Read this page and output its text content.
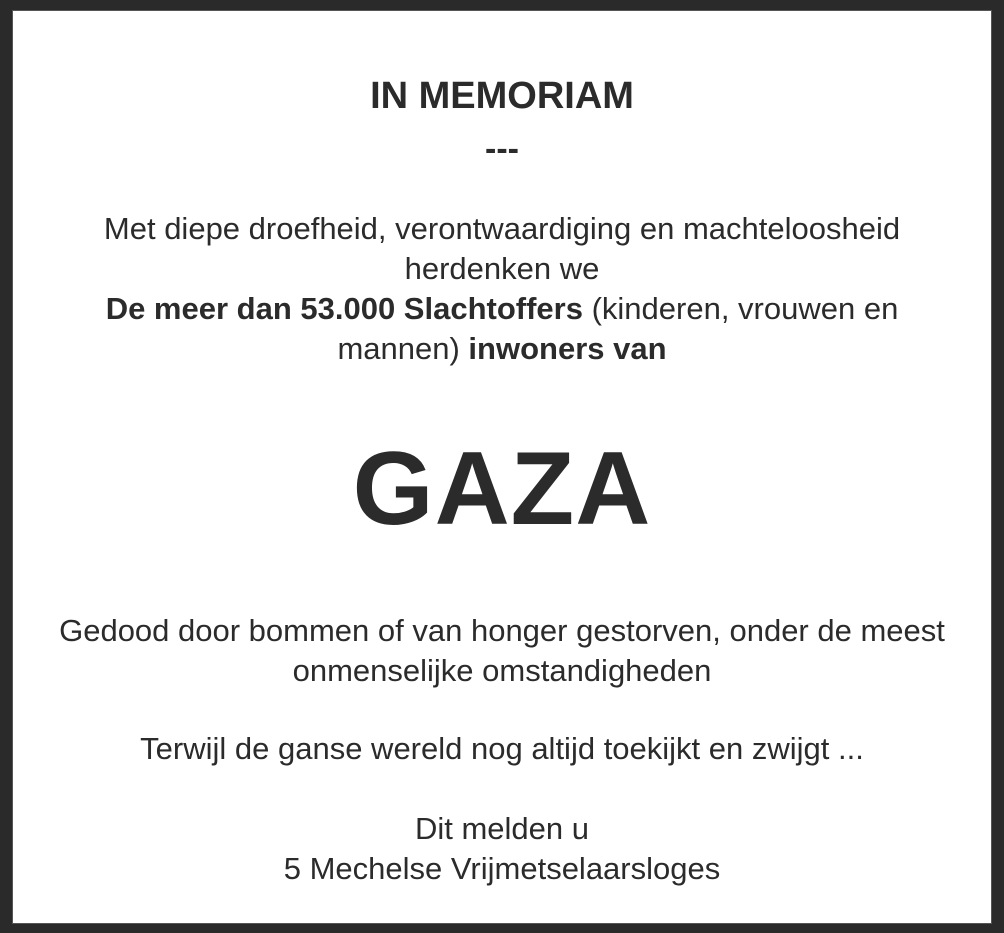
IN MEMORIAM
---
Met diepe droefheid, verontwaardiging en machteloosheid herdenken we
De meer dan 53.000 Slachtoffers (kinderen, vrouwen en mannen) inwoners van
GAZA
Gedood door bommen of van honger gestorven, onder de meest onmenselijke omstandigheden
Terwijl de ganse wereld nog altijd toekijkt en zwijgt ...
Dit melden u
5 Mechelse Vrijmetselaarsloges
